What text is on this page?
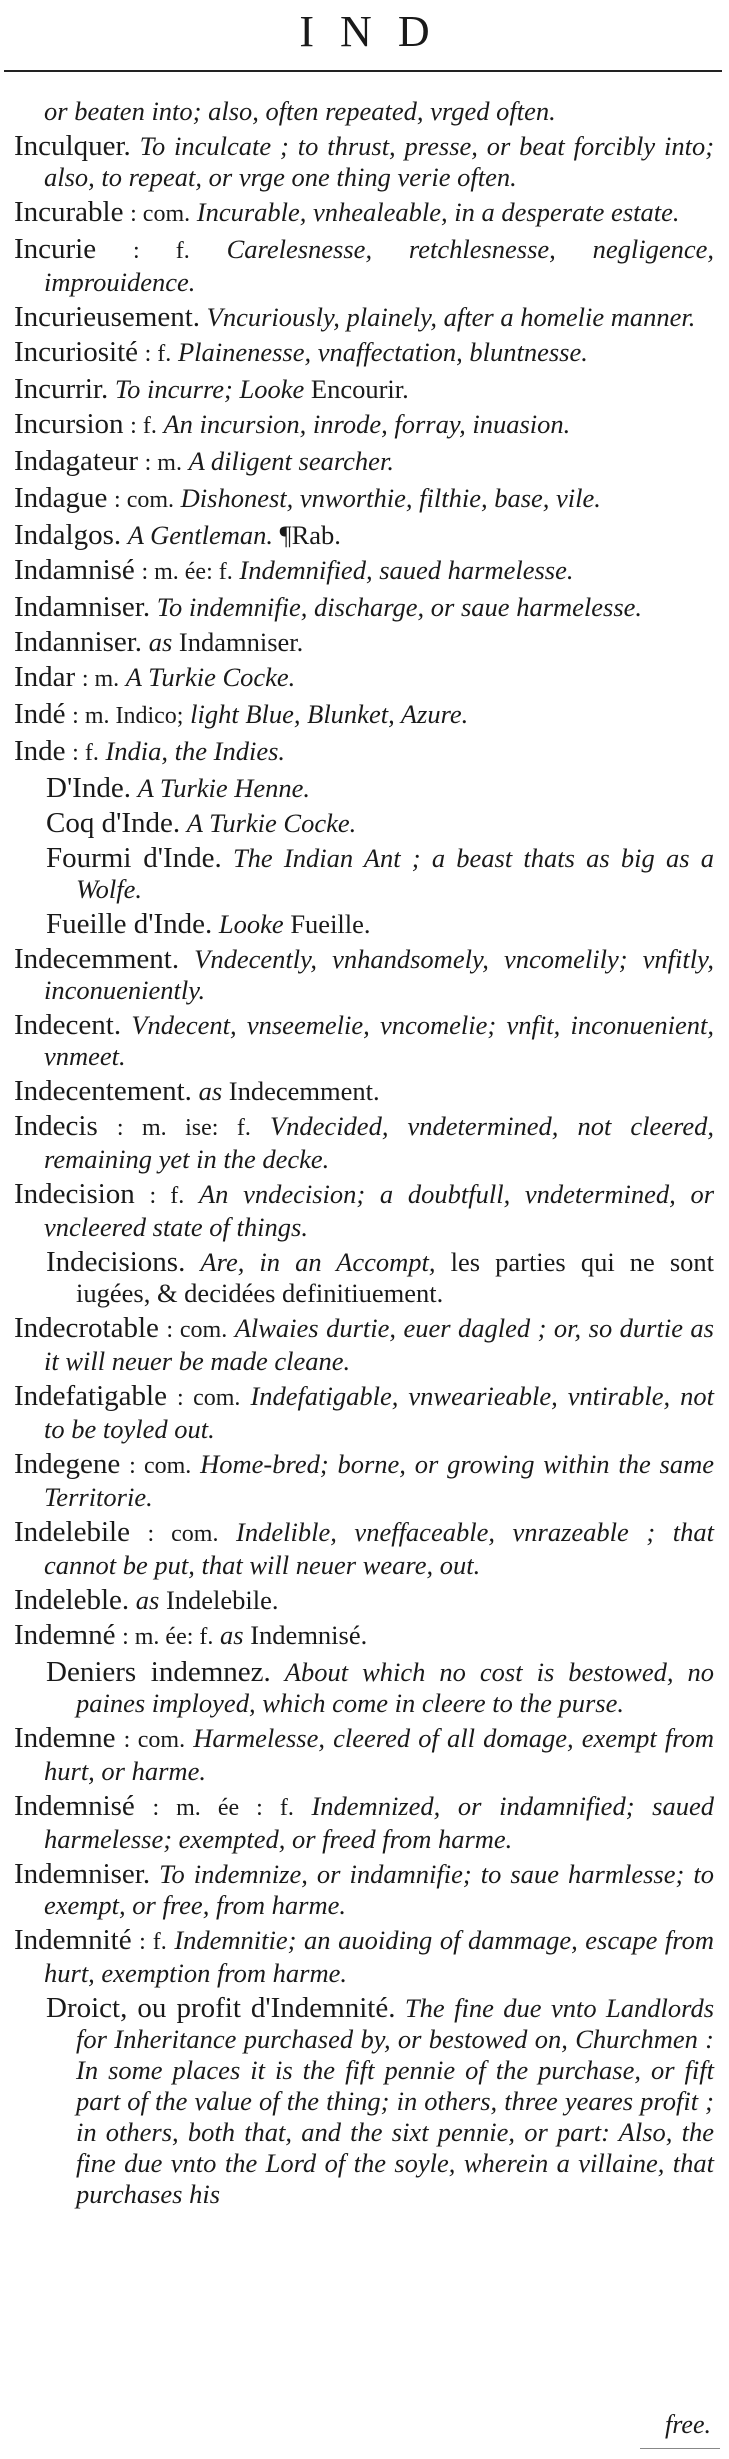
IND
or beaten into; also, often repeated, vrged often.
Inculquer. To inculcate ; to thrust, presse, or beat forcibly into; also, to repeat, or vrge one thing verie often.
Incurable : com. Incurable, vnhealeable, in a desperate estate.
Incurie : f. Carelesnesse, retchlesnesse, negligence, improuidence.
Incurieusement. Vncuriously, plainely, after a homelie manner.
Incuriosité : f. Plainenesse, vnaffectation, bluntnesse.
Incurrir. To incurre; Looke Encourir.
Incursion : f. An incursion, inrode, forray, inuasion.
Indagateur : m. A diligent searcher.
Indague : com. Dishonest, vnworthie, filthie, base, vile.
Indalgos. A Gentleman. ¶Rab.
Indamnisé : m. ée: f. Indemnified, saued harmelesse.
Indamniser. To indemnifie, discharge, or saue harmelesse.
Indanniser. as Indamniser.
Indar : m. A Turkie Cocke.
Indé : m. Indico; light Blue, Blunket, Azure.
Inde : f. India, the Indies.
D'Inde. A Turkie Henne.
Coq d'Inde. A Turkie Cocke.
Fourmi d'Inde. The Indian Ant ; a beast thats as big as a Wolfe.
Fueille d'Inde. Looke Fueille.
Indecemment. Vndecently, vnhandsomely, vncomelily; vnfitly, inconueniently.
Indecent. Vndecent, vnseemelie, vncomelie; vnfit, inconuenient, vnmeet.
Indecentement. as Indecemment.
Indecis : m. ise: f. Vndecided, vndetermined, not cleered, remaining yet in the decke.
Indecision : f. An vndecision; a doubtfull, vndetermined, or vncleered state of things.
Indecisions. Are, in an Accompt, les parties qui ne sont iugées, & decidées definitiuement.
Indecrotable : com. Alwaies durtie, euer dagled ; or, so durtie as it will neuer be made cleane.
Indefatigable : com. Indefatigable, vnwearieable, vntirable, not to be toyled out.
Indegene : com. Home-bred; borne, or growing within the same Territorie.
Indelebile : com. Indelible, vneffaceable, vnrazeable ; that cannot be put, that will neuer weare, out.
Indeleble. as Indelebile.
Indemné : m. ée: f. as Indemnisé.
Deniers indemnez. About which no cost is bestowed, no paines imployed, which come in cleere to the purse.
Indemne : com. Harmelesse, cleered of all domage, exempt from hurt, or harme.
Indemnisé : m. ée : f. Indemnized, or indamnified; saued harmelesse; exempted, or freed from harme.
Indemniser. To indemnize, or indamnifie; to saue harmlesse; to exempt, or free, from harme.
Indemnité : f. Indemnitie; an auoiding of dammage, escape from hurt, exemption from harme.
Droict, ou profit d'Indemnité. The fine due vnto Landlords for Inheritance purchased by, or bestowed on, Churchmen : In some places it is the fift pennie of the purchase, or fift part of the value of the thing; in others, three yeares profit ; in others, both that, and the sixt pennie, or part: Also, the fine due vnto the Lord of the soyle, wherein a villaine, that purchases his
free.
